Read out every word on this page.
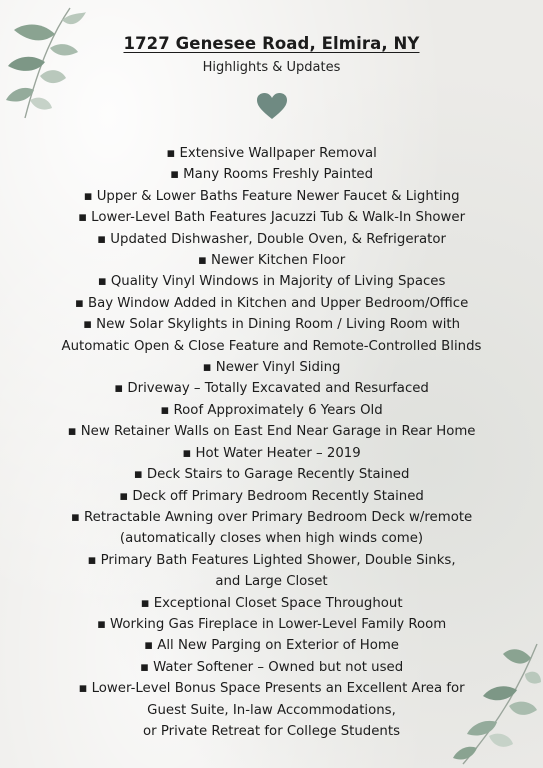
1727 Genesee Road, Elmira, NY
Highlights & Updates
▪ Extensive Wallpaper Removal
▪ Many Rooms Freshly Painted
▪ Upper & Lower Baths Feature Newer Faucet & Lighting
▪ Lower-Level Bath Features Jacuzzi Tub & Walk-In Shower
▪ Updated Dishwasher, Double Oven, & Refrigerator
▪ Newer Kitchen Floor
▪ Quality Vinyl Windows in Majority of Living Spaces
▪ Bay Window Added in Kitchen and Upper Bedroom/Office
▪ New Solar Skylights in Dining Room / Living Room with
Automatic Open & Close Feature and Remote-Controlled Blinds
▪ Newer Vinyl Siding
▪ Driveway – Totally Excavated and Resurfaced
▪ Roof Approximately 6 Years Old
▪ New Retainer Walls on East End Near Garage in Rear Home
▪ Hot Water Heater – 2019
▪ Deck Stairs to Garage Recently Stained
▪ Deck off Primary Bedroom Recently Stained
▪ Retractable Awning over Primary Bedroom Deck w/remote
(automatically closes when high winds come)
▪ Primary Bath Features Lighted Shower, Double Sinks,
and Large Closet
▪ Exceptional Closet Space Throughout
▪ Working Gas Fireplace in Lower-Level Family Room
▪ All New Parging on Exterior of Home
▪ Water Softener – Owned but not used
▪ Lower-Level Bonus Space Presents an Excellent Area for
Guest Suite, In-law Accommodations,
or Private Retreat for College Students
